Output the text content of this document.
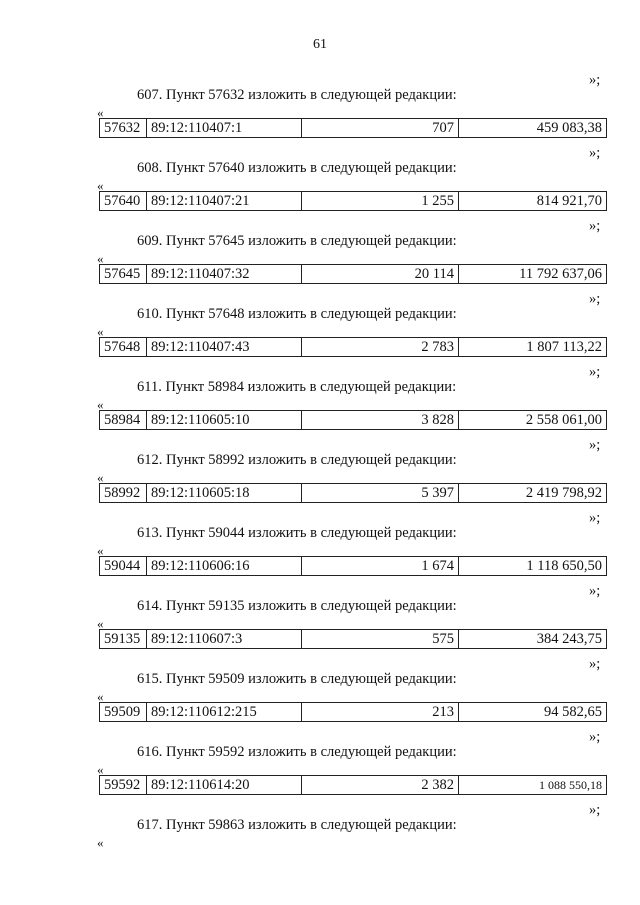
61
»;
607. Пункт 57632 изложить в следующей редакции:
«
57632	89:12:110407:1	707	459 083,38
»;
608. Пункт 57640 изложить в следующей редакции:
«
57640	89:12:110407:21	1 255	814 921,70
»;
609. Пункт 57645 изложить в следующей редакции:
«
57645	89:12:110407:32	20 114	11 792 637,06
»;
610. Пункт 57648 изложить в следующей редакции:
«
57648	89:12:110407:43	2 783	1 807 113,22
»;
611. Пункт 58984 изложить в следующей редакции:
«
58984	89:12:110605:10	3 828	2 558 061,00
»;
612. Пункт 58992 изложить в следующей редакции:
«
58992	89:12:110605:18	5 397	2 419 798,92
»;
613. Пункт 59044 изложить в следующей редакции:
«
59044	89:12:110606:16	1 674	1 118 650,50
»;
614. Пункт 59135 изложить в следующей редакции:
«
59135	89:12:110607:3	575	384 243,75
»;
615. Пункт 59509 изложить в следующей редакции:
«
59509	89:12:110612:215	213	94 582,65
»;
616. Пункт 59592 изложить в следующей редакции:
«
59592	89:12:110614:20	2 382	1 088 550,18
»;
617. Пункт 59863 изложить в следующей редакции:
«
